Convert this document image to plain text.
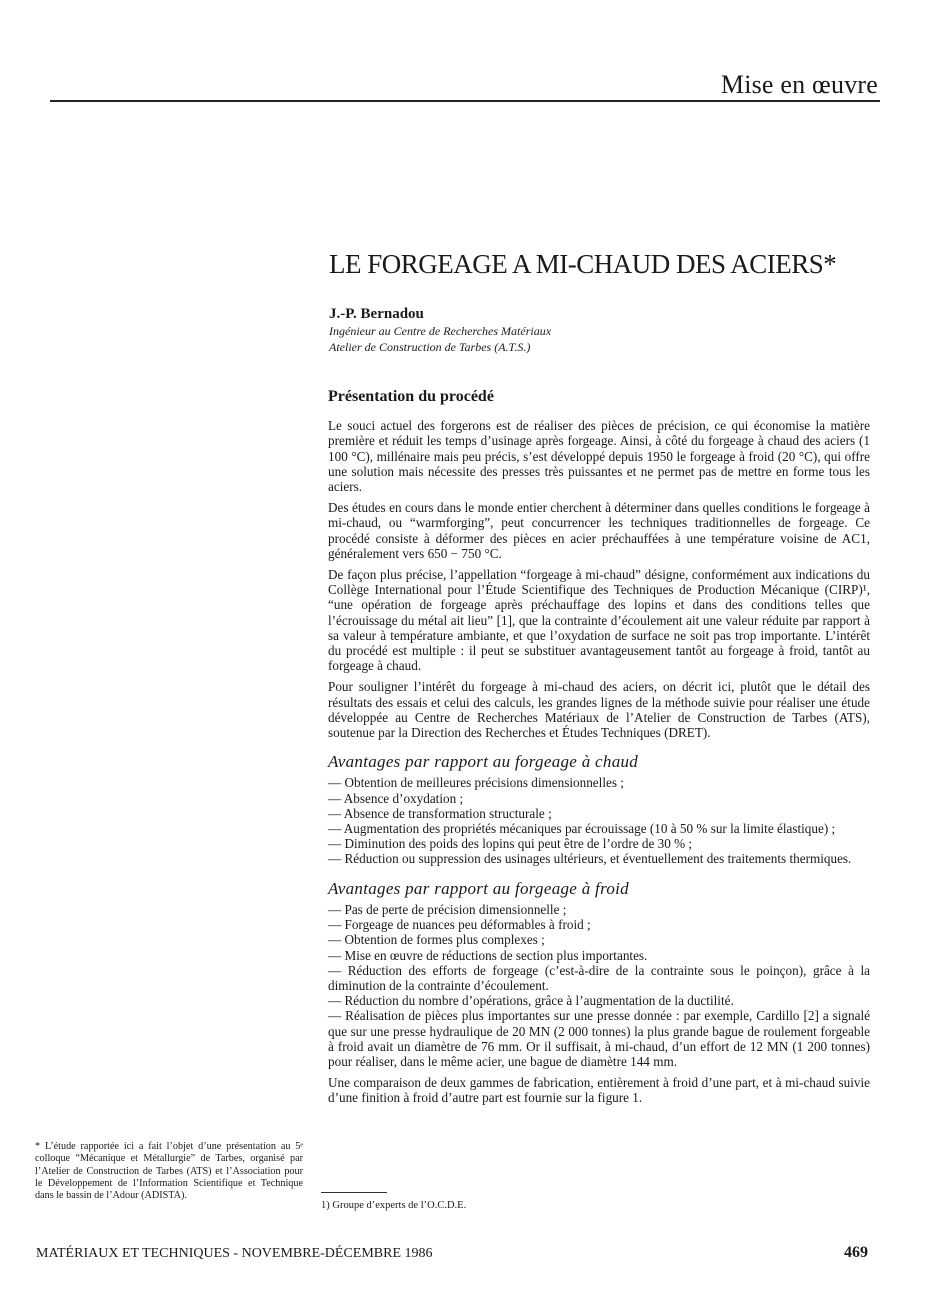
Mise en œuvre
LE FORGEAGE A MI-CHAUD DES ACIERS*
J.-P. Bernadou
Ingénieur au Centre de Recherches Matériaux
Atelier de Construction de Tarbes (A.T.S.)
Présentation du procédé

Le souci actuel des forgerons est de réaliser des pièces de précision, ce qui économise la matière première et réduit les temps d’usinage après forgeage. Ainsi, à côté du forgeage à chaud des aciers (1 100 °C), millénaire mais peu précis, s’est développé depuis 1950 le forgeage à froid (20 °C), qui offre une solution mais nécessite des presses très puissantes et ne permet pas de mettre en forme tous les aciers.

Des études en cours dans le monde entier cherchent à déterminer dans quelles conditions le forgeage à mi-chaud, ou “warmforging”, peut concurrencer les techniques traditionnelles de forgeage. Ce procédé consiste à déformer des pièces en acier préchauffées à une température voisine de AC1, généralement vers 650 − 750 °C.

De façon plus précise, l’appellation “forgeage à mi-chaud” désigne, conformément aux indications du Collège International pour l’Étude Scientifique des Techniques de Production Mécanique (CIRP)¹, “une opération de forgeage après préchauffage des lopins et dans des conditions telles que l’écrouissage du métal ait lieu” [1], que la contrainte d’écoulement ait une valeur réduite par rapport à sa valeur à température ambiante, et que l’oxydation de surface ne soit pas trop importante. L’intérêt du procédé est multiple : il peut se substituer avantageusement tantôt au forgeage à froid, tantôt au forgeage à chaud.

Pour souligner l’intérêt du forgeage à mi-chaud des aciers, on décrit ici, plutôt que le détail des résultats des essais et celui des calculs, les grandes lignes de la méthode suivie pour réaliser une étude développée au Centre de Recherches Matériaux de l’Atelier de Construction de Tarbes (ATS), soutenue par la Direction des Recherches et Études Techniques (DRET).

Avantages par rapport au forgeage à chaud
— Obtention de meilleures précisions dimensionnelles ;
— Absence d’oxydation ;
— Absence de transformation structurale ;
— Augmentation des propriétés mécaniques par écrouissage (10 à 50 % sur la limite élastique) ;
— Diminution des poids des lopins qui peut être de l’ordre de 30 % ;
— Réduction ou suppression des usinages ultérieurs, et éventuellement des traitements thermiques.
Avantages par rapport au forgeage à froid
— Pas de perte de précision dimensionnelle ;
— Forgeage de nuances peu déformables à froid ;
— Obtention de formes plus complexes ;
— Mise en œuvre de réductions de section plus importantes.
— Réduction des efforts de forgeage (c’est-à-dire de la contrainte sous le poinçon), grâce à la diminution de la contrainte d’écoulement.
— Réduction du nombre d’opérations, grâce à l’augmentation de la ductilité.
— Réalisation de pièces plus importantes sur une presse donnée : par exemple, Cardillo [2] a signalé que sur une presse hydraulique de 20 MN (2 000 tonnes) la plus grande bague de roulement forgeable à froid avait un diamètre de 76 mm. Or il suffisait, à mi-chaud, d’un effort de 12 MN (1 200 tonnes) pour réaliser, dans le même acier, une bague de diamètre 144 mm.

Une comparaison de deux gammes de fabrication, entièrement à froid d’une part, et à mi-chaud suivie d’une finition à froid d’autre part est fournie sur la figure 1.

* L’étude rapportée ici a fait l’objet d’une présentation au 5ᵉ colloque “Mécanique et Métallurgie” de Tarbes, organisé par l’Atelier de Construction de Tarbes (ATS) et l’Association pour le Développement de l’Information Scientifique et Technique dans le bassin de l’Adour (ADISTA).
1) Groupe d’experts de l’O.C.D.E.
MATÉRIAUX ET TECHNIQUES - NOVEMBRE-DÉCEMBRE 1986	469
